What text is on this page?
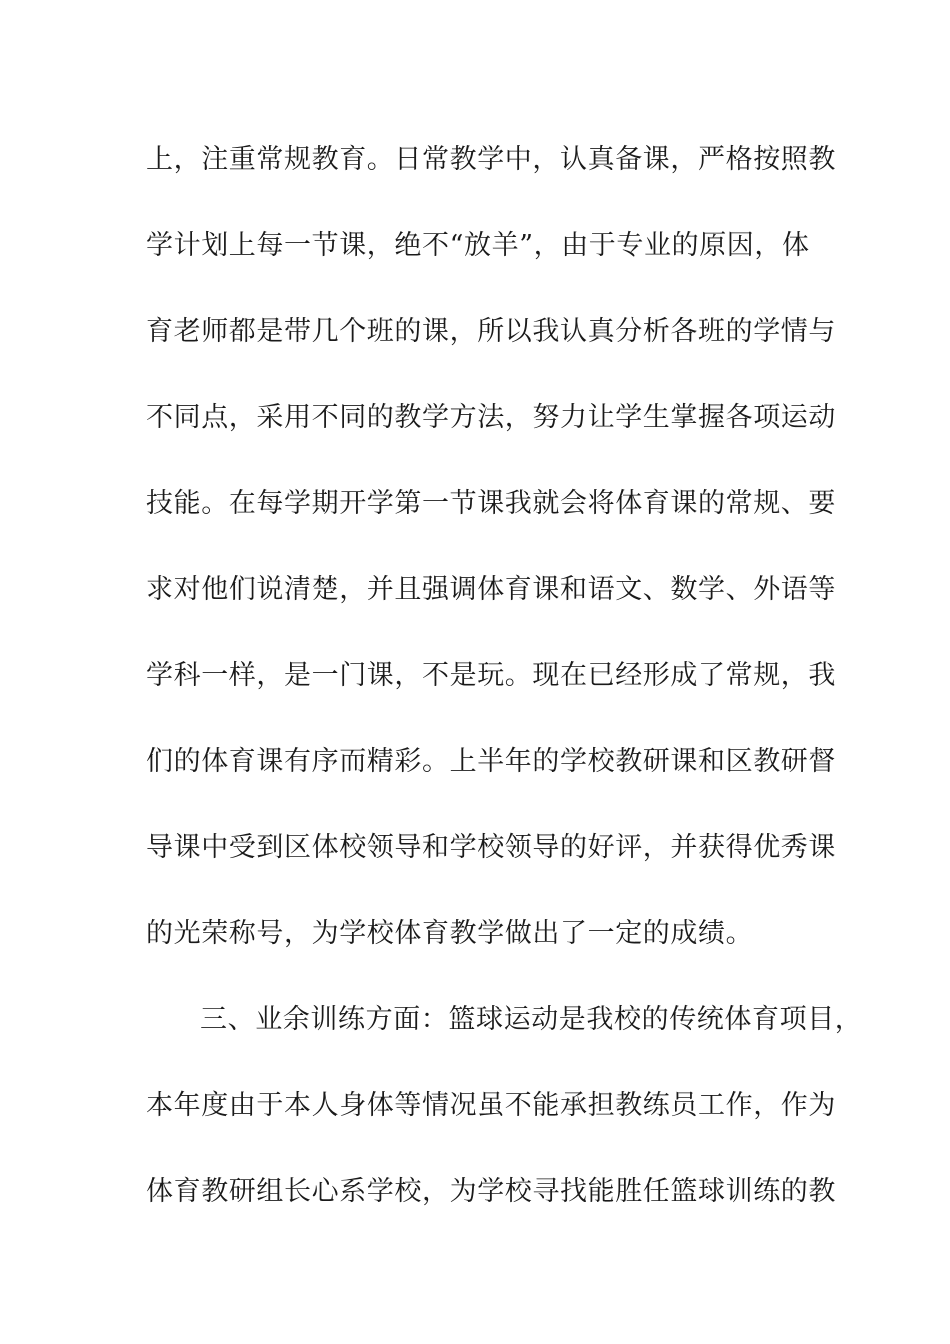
上，注重常规教育。日常教学中，认真备课，严格按照教
学计划上每一节课，绝不“放羊”，由于专业的原因，体
育老师都是带几个班的课，所以我认真分析各班的学情与
不同点，采用不同的教学方法，努力让学生掌握各项运动
技能。在每学期开学第一节课我就会将体育课的常规、要
求对他们说清楚，并且强调体育课和语文、数学、外语等
学科一样，是一门课，不是玩。现在已经形成了常规，我
们的体育课有序而精彩。上半年的学校教研课和区教研督
导课中受到区体校领导和学校领导的好评，并获得优秀课
的光荣称号，为学校体育教学做出了一定的成绩。
三、业余训练方面：篮球运动是我校的传统体育项目，
本年度由于本人身体等情况虽不能承担教练员工作，作为
体育教研组长心系学校，为学校寻找能胜任篮球训练的教
